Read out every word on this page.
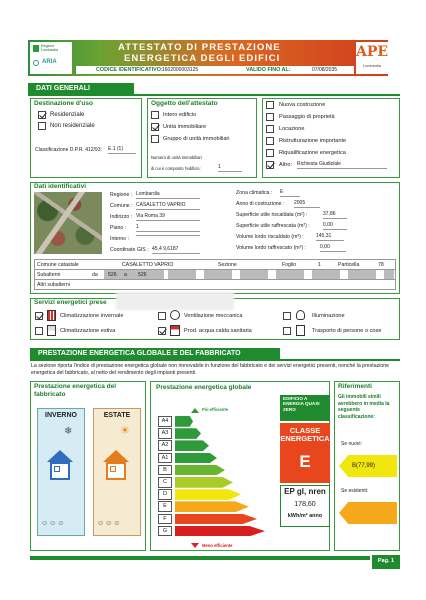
Regione Lombardia
ARIA
ATTESTATO DI PRESTAZIONE
ENERGETICA DEGLI EDIFICI
CODICE IDENTIFICATIVO: 1602000003125	VALIDO FINO AL:	07/08/2035
APE
Lombardia
DATI GENERALI
Destinazione d'uso
Residenziale
Non residenziale
Classificazione D.P.R. 412/93: E.1 (1)
Oggetto dell'attestato
Intero edificio
Unità immobiliare
Gruppo di unità immobiliari
Numero di unità immobiliari
di cui è composto l'edificio:	1
Nuova costruzione
Passaggio di proprietà
Locazione
Ristrutturazione importante
Riqualificazione energetica
Altro: Richiesta Giudiziale
Dati identificativi
Regione : Lombardia
Comune : CASALETTO VAPRIO
Indirizzo : Via Roma 39
Piano : 1
Interno :
Coordinate GIS : 45,4 9,6187
Zona climatica : E
Anno di costruzione : 2005
Superficie utile riscaldata (m²) :	37,86
Superficie utile raffrescata (m²) :	0,00
Volume lordo riscaldato (m³) : 145,31
Volume lordo raffrescato (m³) :	0,00
Comune catastale	CASALETTO VAPRIO	Sezione	Foglio	1	Particella	78
Subalterni	da 526 a 526
Altri subalterni
Servizi energetici prese
Climatizzazione invernale
Climatizzazione estiva
Ventilazione meccanica
Prod. acqua calda sanitaria
Illuminazione
Trasporto di persone o cose
PRESTAZIONE ENERGETICA GLOBALE E DEL FABBRICATO
La sezione riporta l'indice di prestazione energetica globale non rinnovabile in funzione del fabbricato e dei servizi energetici presenti, nonché la prestazione energetica del fabbricato, al netto del rendimento degli impianti presenti.
Prestazione energetica del fabbricato
INVERNO
❄
☺☺☺
ESTATE
☀
☺☺☺
Prestazione energetica globale
Più efficiente
A4
A3
A2
A1
B
C
D
E
F
G
Meno efficiente
EDIFICIO A ENERGIA QUASI ZERO
CLASSE ENERGETICA
E
EP gl, nren
178,60
kWh/m² anno
Riferimenti
Gli immobili simili avrebbero in media la seguente classificazione:
Se nuovi:
B(77,99)
Se esistenti:
Pag. 1
